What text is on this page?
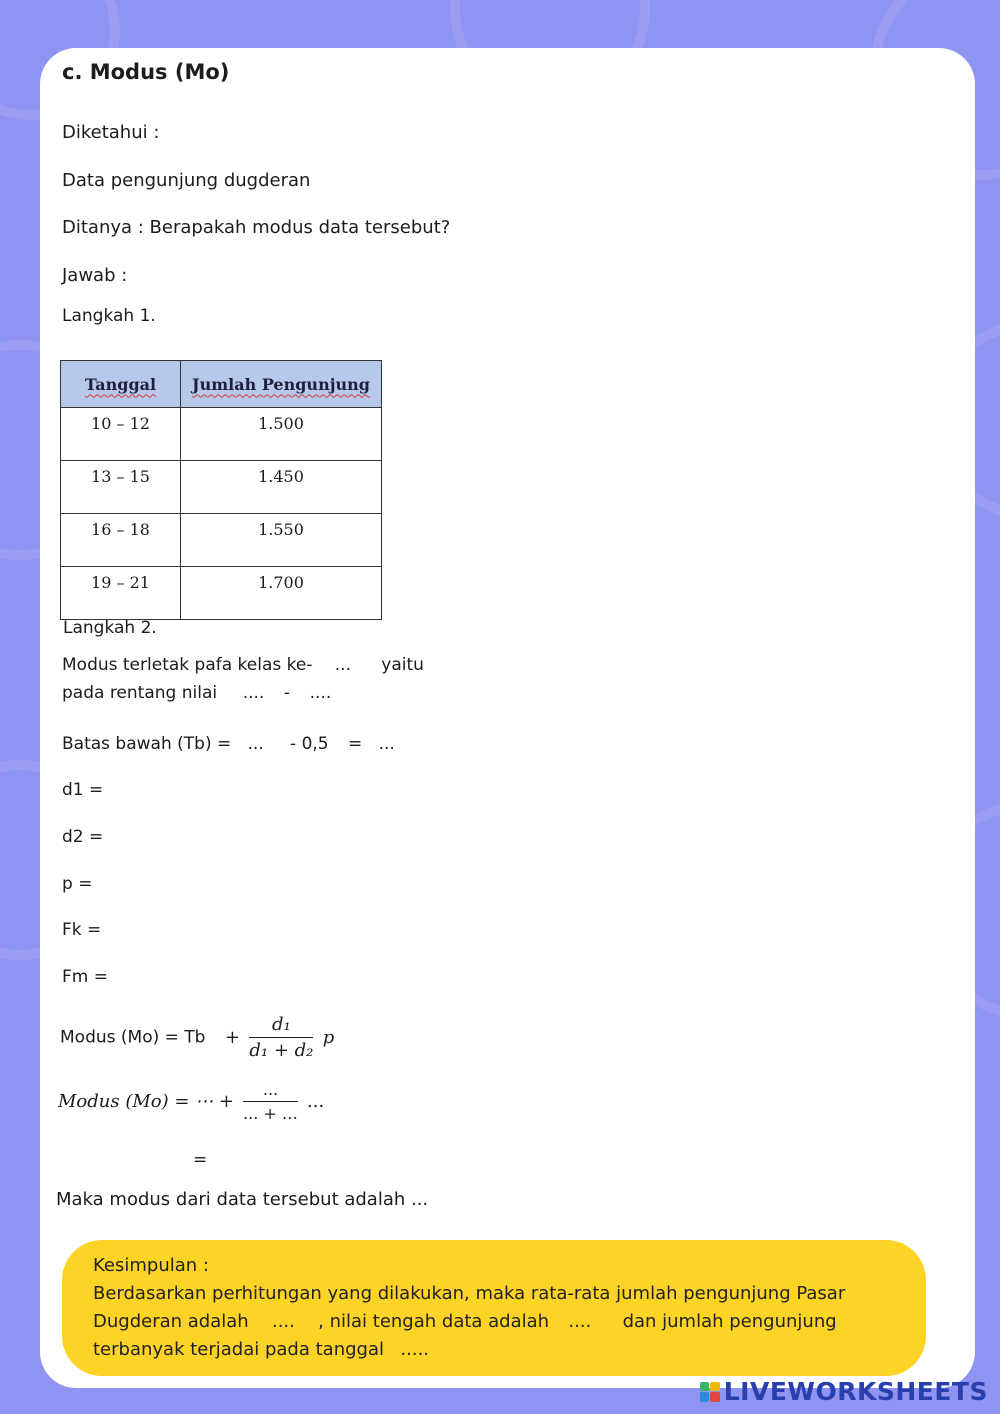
c. Modus (Mo)
Diketahui :
Data pengunjung dugderan
Ditanya : Berapakah modus data tersebut?
Jawab :
Langkah 1.
Tanggal	Jumlah Pengunjung
10 – 12	1.500
13 – 15	1.450
16 – 18	1.550
19 – 21	1.700
Langkah 2.
Modus terletak pafa kelas ke- ... yaitu
pada rentang nilai .... - ....
Batas bawah (Tb) = ... - 0,5 = ...
d1 =
d2 =
p =
Fk =
Fm =
Modus $(Mo) = Tb + \frac{\text{d₁}}{\text{d₁ + d₂}}$ p
Modus (Mo) = ⋯ + $\frac{...}{... + \dots}$ ...
=
Maka modus dari data tersebut adalah ...
Kesimpulan :
Berdasarkan perhitungan yang dilakukan, maka rata-rata jumlah pengunjung Pasar
Dugderan adalah .... , nilai tengah data adalah .... dan jumlah pengunjung
terbanyak terjadai pada tanggal .....
LIVEWORKSHEETS
